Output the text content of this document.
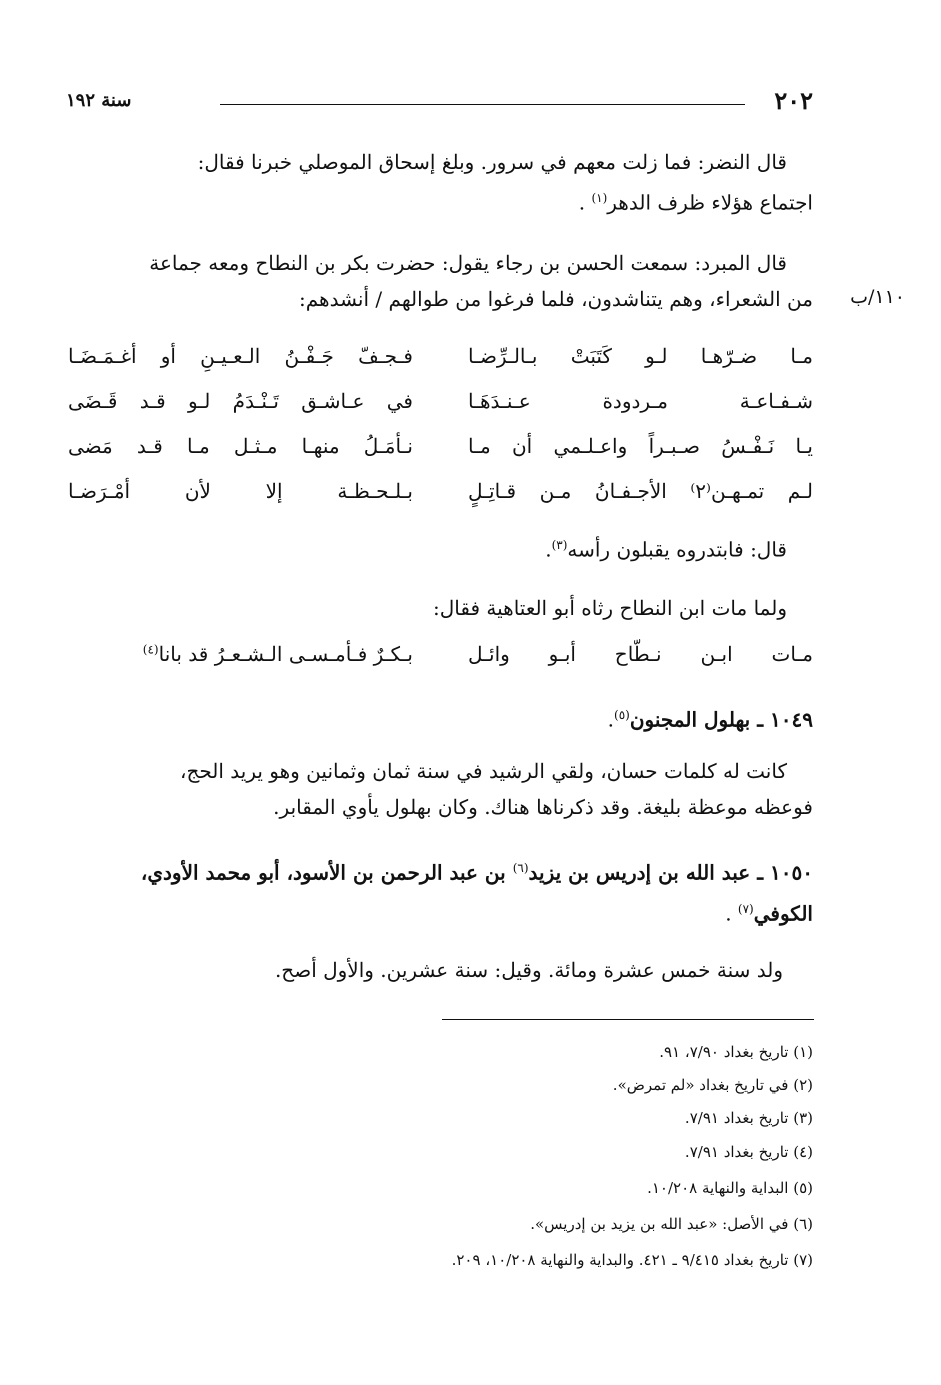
٢٠٢
سنة ١٩٢
قال النضر: فما زلت معهم في سرور. وبلغ إسحاق الموصلي خبرنا فقال:
اجتماع هؤلاء ظرف الدهر$^{(١)}$ .
قال المبرد: سمعت الحسن بن رجاء يقول: حضرت بكر بن النطاح ومعه جماعة
من الشعراء، وهم يتناشدون، فلما فرغوا من طوالهم / أنشدهم: ١١٠/ب
مـا ضـرّهـا لـو كَتَبَتْ بـالـرِّضـا
فـجـفّ جَـفْـنُ الـعـيـنِ أو أغـمَـضَـا
شـفـاعـة مـردودة عـنـدَهَـا
في عـاشـق تَـنْـدَمُ لـو قـد قَـضَى
يـا نَـفْـسُ صـبـراً واعـلـمي أن مـا
نـأمَـلُ منهـا مـثـل مـا قـد مَضى
لـم تمـهـن⁽٢⁾ الأجـفـانُ مـن قـاتِـلٍ
بـلـحـظـة إلا لأن أمْـرَضـا
قال: فابتدروه يقبلون رأسه$^{(٣)}$.
ولما مات ابن النطاح رثاه أبو العتاهية فقال:
مـات ابـن نـطّاح أبـو وائـل
بـكـرٌ فـأمـسـى الـشـعـرُ قد بانا$^{(٤)}$
١٠٤٩ ـ بهلول المجنون$^{(٥)}$.
كانت له كلمات حسان، ولقي الرشيد في سنة ثمان وثمانين وهو يريد الحج،
فوعظه موعظة بليغة. وقد ذكرناها هناك. وكان بهلول يأوي المقابر.
١٠٥٠ ـ عبد الله بن إدريس بن يزيد$^{(٦)}$ بن عبد الرحمن بن الأسود، أبو محمد الأودي،
الكوفي$^{(٧)}$ .
ولد سنة خمس عشرة ومائة. وقيل: سنة عشرين. والأول أصح.
(١) تاريخ بغداد ٧/٩٠، ٩١.
(٢) في تاريخ بغداد «لم تمرض».
(٣) تاريخ بغداد ٧/٩١.
(٤) تاريخ بغداد ٧/٩١.
(٥) البداية والنهاية ١٠/٢٠٨.
(٦) في الأصل: «عبد الله بن يزيد بن إدريس».
(٧) تاريخ بغداد ٩/٤١٥ ـ ٤٢١. والبداية والنهاية ١٠/٢٠٨، ٢٠٩.
